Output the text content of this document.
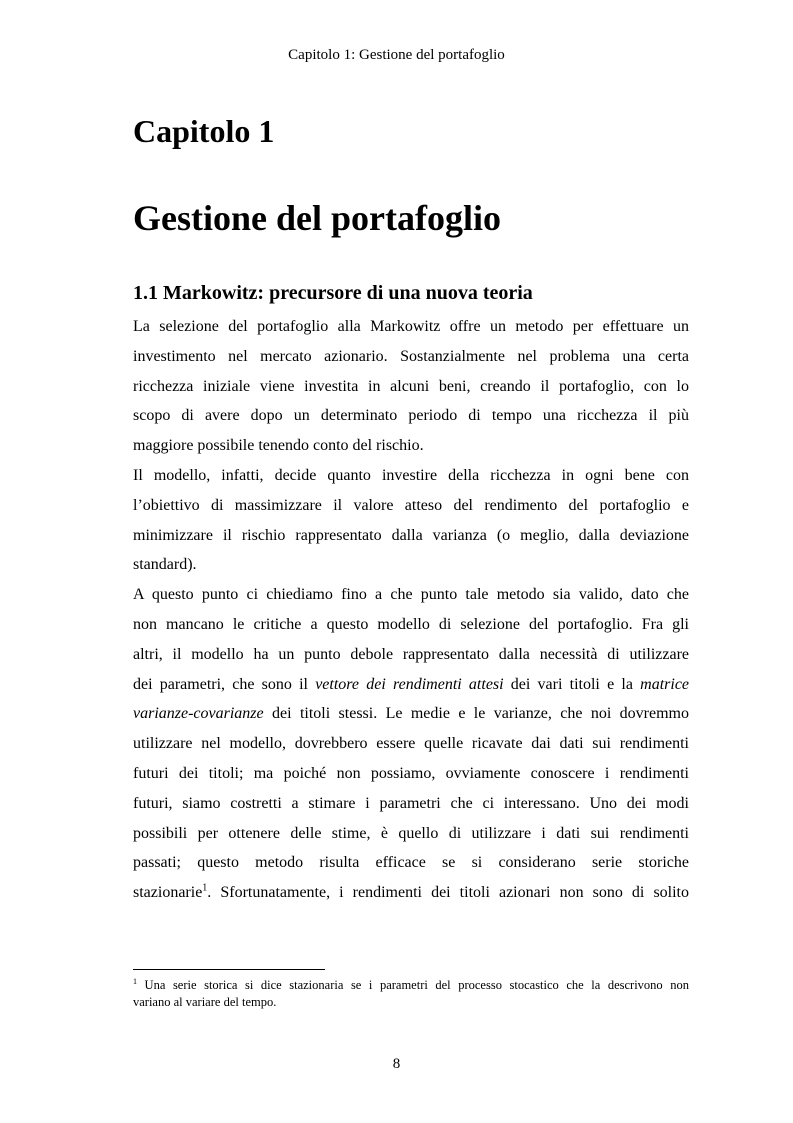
Capitolo 1: Gestione del portafoglio
Capitolo 1
Gestione del portafoglio
1.1 Markowitz: precursore di una nuova teoria
La selezione del portafoglio alla Markowitz offre un metodo per effettuare un
investimento nel mercato azionario. Sostanzialmente nel problema una certa
ricchezza iniziale viene investita in alcuni beni, creando il portafoglio, con lo
scopo di avere dopo un determinato periodo di tempo una ricchezza il più
maggiore possibile tenendo conto del rischio.
Il modello, infatti, decide quanto investire della ricchezza in ogni bene con
l’obiettivo di massimizzare il valore atteso del rendimento del portafoglio e
minimizzare il rischio rappresentato dalla varianza (o meglio, dalla deviazione
standard).
A questo punto ci chiediamo fino a che punto tale metodo sia valido, dato che
non mancano le critiche a questo modello di selezione del portafoglio. Fra gli
altri, il modello ha un punto debole rappresentato dalla necessità di utilizzare
dei parametri, che sono il vettore dei rendimenti attesi dei vari titoli e la matrice
varianze-covarianze dei titoli stessi. Le medie e le varianze, che noi dovremmo
utilizzare nel modello, dovrebbero essere quelle ricavate dai dati sui rendimenti
futuri dei titoli; ma poiché non possiamo, ovviamente conoscere i rendimenti
futuri, siamo costretti a stimare i parametri che ci interessano. Uno dei modi
possibili per ottenere delle stime, è quello di utilizzare i dati sui rendimenti
passati; questo metodo risulta efficace se si considerano serie storiche
stazionarie$^1$. Sfortunatamente, i rendimenti dei titoli azionari non sono di solito
$^1$ Una serie storica si dice stazionaria se i parametri del processo stocastico che la descrivono non
variano al variare del tempo.
8
